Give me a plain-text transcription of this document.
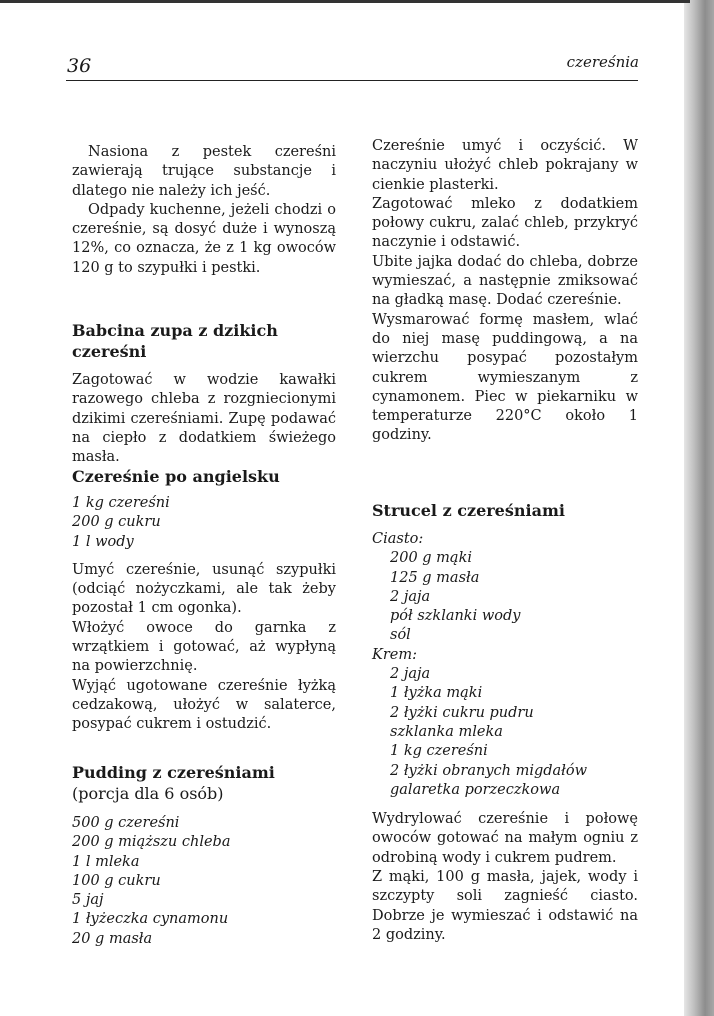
36	czereśnia

Nasiona z pestek czereśni zawierają trujące substancje i dlatego nie należy ich jeść.

Odpady kuchenne, jeżeli chodzi o czereśnie, są dosyć duże i wynoszą 12%, co oznacza, że z 1 kg owoców 120 g to szypułki i pestki.

Babcina zupa z dzikich czereśni

Zagotować w wodzie kawałki razowego chleba z rozgniecionymi dzikimi czereśniami. Zupę podawać na ciepło z dodatkiem świeżego masła.

Czereśnie po angielsku

1 kg czereśni
200 g cukru
1 l wody

Umyć czereśnie, usunąć szypułki (odciąć nożyczkami, ale tak żeby pozostał 1 cm ogonka).

Włożyć owoce do garnka z wrzątkiem i gotować, aż wypłyną na powierzchnię.

Wyjąć ugotowane czereśnie łyżką cedzakową, ułożyć w salaterce, posypać cukrem i ostudzić.

Pudding z czereśniami

(porcja dla 6 osób)

500 g czereśni
200 g miąższu chleba
1 l mleka
100 g cukru
5 jaj
1 łyżeczka cynamonu
20 g masła

Czereśnie umyć i oczyścić. W naczyniu ułożyć chleb pokrajany w cienkie plasterki.

Zagotować mleko z dodatkiem połowy cukru, zalać chleb, przykryć naczynie i odstawić.

Ubite jajka dodać do chleba, dobrze wymieszać, a następnie zmiksować na gładką masę. Dodać czereśnie.

Wysmarować formę masłem, wlać do niej masę puddingową, a na wierzchu posypać pozostałym cukrem wymieszanym z cynamonem. Piec w piekarniku w temperaturze 220°C około 1 godziny.

Strucel z czereśniami

Ciasto:

200 g mąki
125 g masła
2 jaja
pół szklanki wody
sól

Krem:

2 jaja
1 łyżka mąki
2 łyżki cukru pudru
szklanka mleka
1 kg czereśni
2 łyżki obranych migdałów
galaretka porzeczkowa

Wydrylować czereśnie i połowę owoców gotować na małym ogniu z odrobiną wody i cukrem pudrem.

Z mąki, 100 g masła, jajek, wody i szczypty soli zagnieść ciasto. Dobrze je wymieszać i odstawić na 2 godziny.
